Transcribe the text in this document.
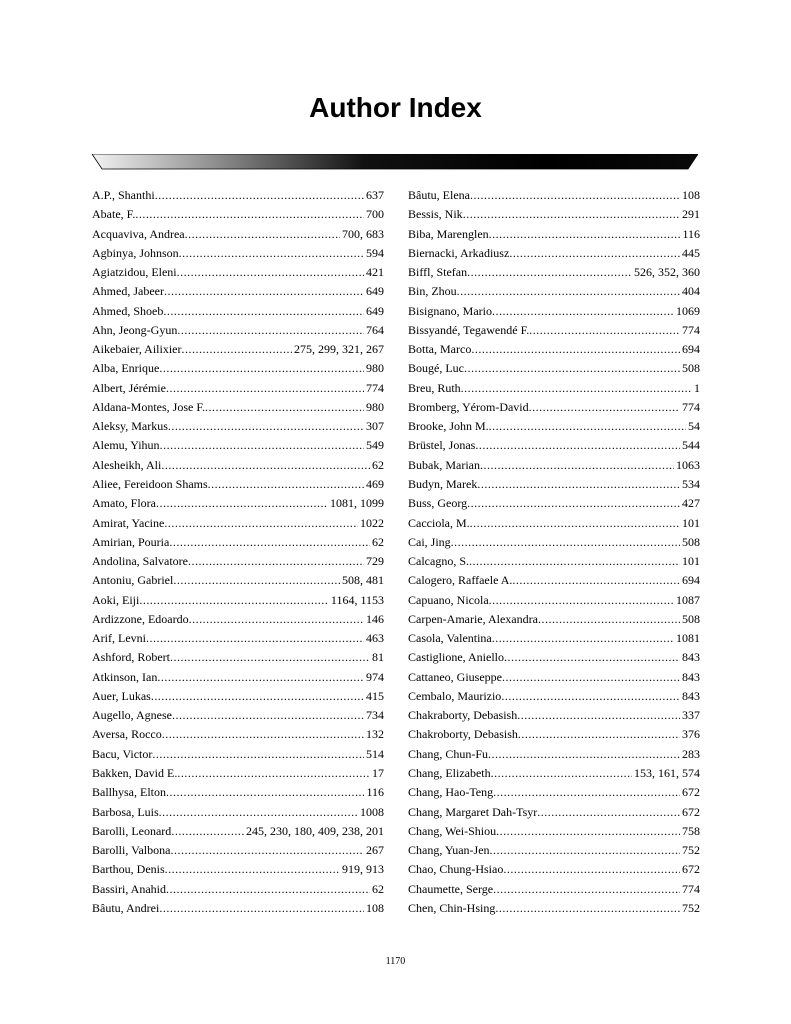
Author Index
A.P., Shanthi .....	637
Abate, F. .....	700
Acquaviva, Andrea .....	700, 683
Agbinya, Johnson .....	594
Agiatzidou, Eleni .....	421
Ahmed, Jabeer .....	649
Ahmed, Shoeb .....	649
Ahn, Jeong-Gyun .....	764
Aikebaier, Ailixier .....	275, 299, 321, 267
Alba, Enrique .....	980
Albert, Jérémie .....	774
Aldana-Montes, Jose F. .....	980
Aleksy, Markus .....	307
Alemu, Yihun .....	549
Alesheikh, Ali .....	62
Aliee, Fereidoon Shams .....	469
Amato, Flora .....	1081, 1099
Amirat, Yacine .....	1022
Amirian, Pouria .....	62
Andolina, Salvatore .....	729
Antoniu, Gabriel .....	508, 481
Aoki, Eiji .....	1164, 1153
Ardizzone, Edoardo .....	146
Arif, Levni .....	463
Ashford, Robert .....	81
Atkinson, Ian .....	974
Auer, Lukas .....	415
Augello, Agnese .....	734
Aversa, Rocco .....	132
Bacu, Victor .....	514
Bakken, David E. .....	17
Ballhysa, Elton .....	116
Barbosa, Luis .....	1008
Barolli, Leonard .....	245, 230, 180, 409, 238, 201
Barolli, Valbona .....	267
Barthou, Denis .....	919, 913
Bassiri, Anahid .....	62
Bâutu, Andrei .....	108
Bâutu, Elena .....	108
Bessis, Nik .....	291
Biba, Marenglen .....	116
Biernacki, Arkadiusz .....	445
Biffl, Stefan .....	526, 352, 360
Bin, Zhou .....	404
Bisignano, Mario .....	1069
Bissyandé, Tegawendé F. .....	774
Botta, Marco .....	694
Bougé, Luc .....	508
Breu, Ruth .....	1
Bromberg, Yérom-David .....	774
Brooke, John M. .....	54
Brüstel, Jonas .....	544
Bubak, Marian .....	1063
Budyn, Marek .....	534
Buss, Georg .....	427
Cacciola, M. .....	101
Cai, Jing .....	508
Calcagno, S. .....	101
Calogero, Raffaele A. .....	694
Capuano, Nicola .....	1087
Carpen-Amarie, Alexandra .....	508
Casola, Valentina .....	1081
Castiglione, Aniello .....	843
Cattaneo, Giuseppe .....	843
Cembalo, Maurizio .....	843
Chakraborty, Debasish .....	337
Chakroborty, Debasish .....	376
Chang, Chun-Fu .....	283
Chang, Elizabeth .....	153, 161, 574
Chang, Hao-Teng .....	672
Chang, Margaret Dah-Tsyr .....	672
Chang, Wei-Shiou .....	758
Chang, Yuan-Jen .....	752
Chao, Chung-Hsiao .....	672
Chaumette, Serge .....	774
Chen, Chin-Hsing .....	752
1170
